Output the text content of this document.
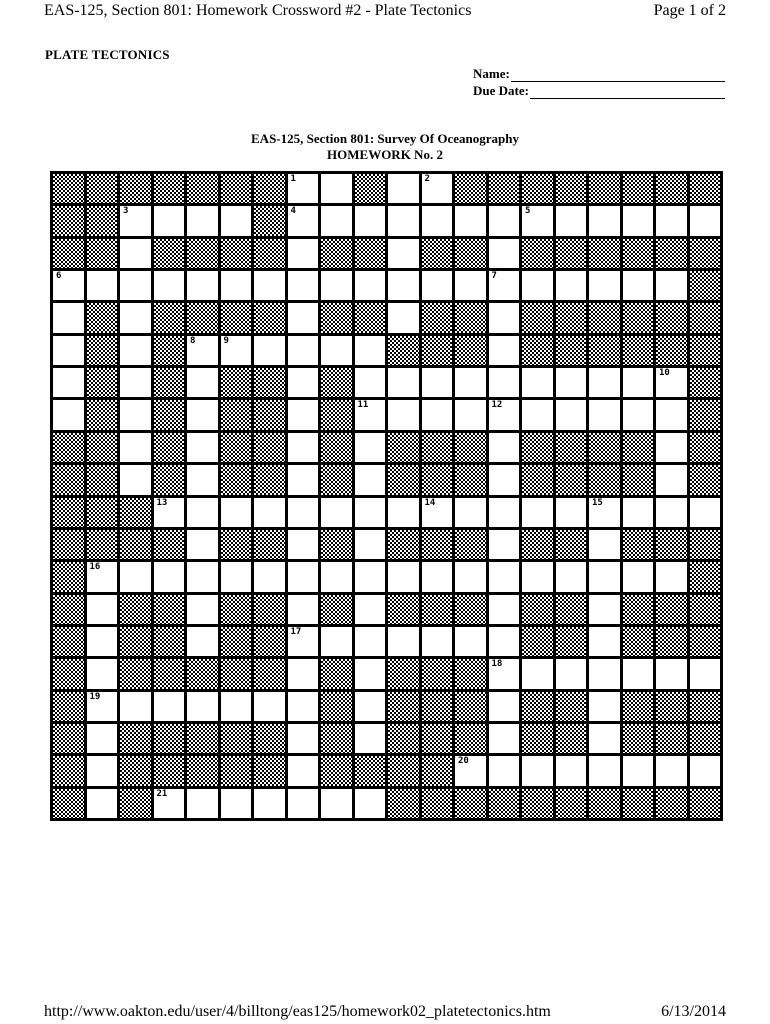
EAS-125, Section 801: Homework Crossword #2 - Plate Tectonics	Page 1 of 2
PLATE TECTONICS
Name:
Due Date:
EAS-125, Section 801: Survey Of Oceanography
HOMEWORK No. 2
1	2
3	4	5
6	7
8	9
10
11	12
13	14	15
16
17
18
19
20
21
http://www.oakton.edu/user/4/billtong/eas125/homework02_platetectonics.htm	6/13/2014
